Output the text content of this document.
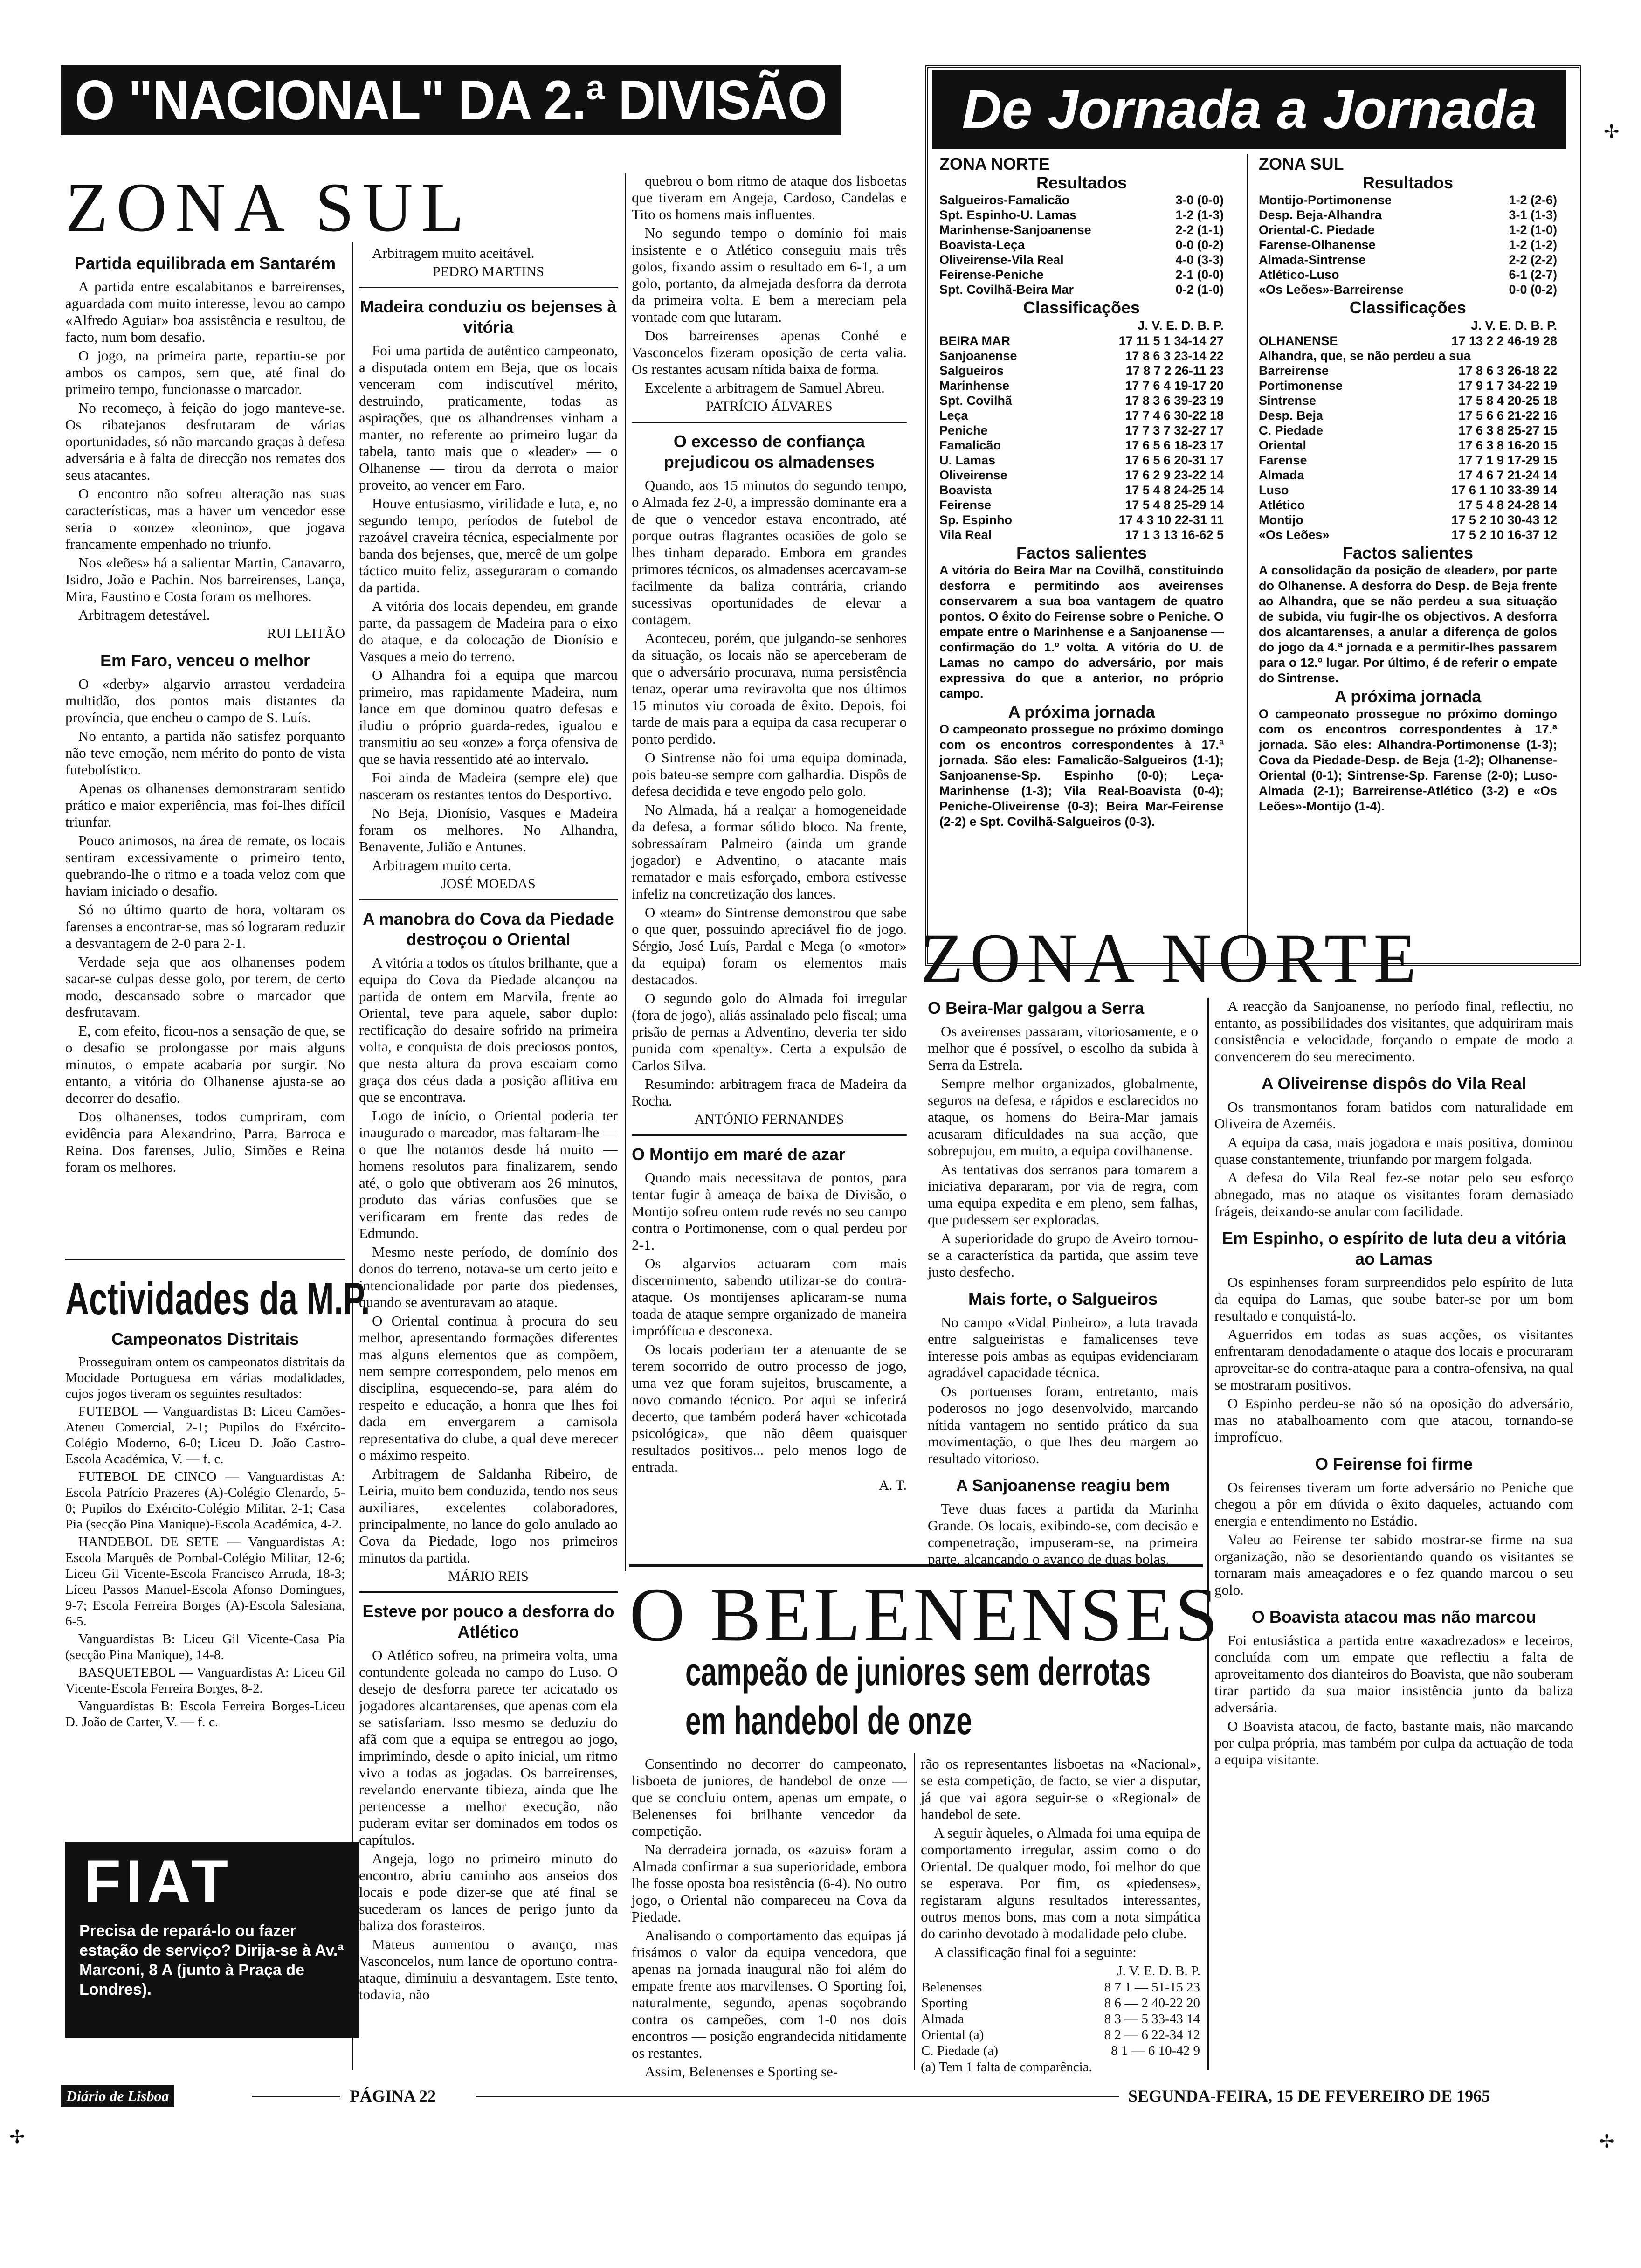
O "NACIONAL" DA 2.ª DIVISÃO
ZONA SUL
Partida equilibrada em Santarém

A partida entre escalabitanos e barreirenses, aguardada com muito interesse, levou ao campo «Alfredo Aguiar» boa assistência e resultou, de facto, num bom desafio.

O jogo, na primeira parte, repartiu-se por ambos os campos, sem que, até final do primeiro tempo, funcionasse o marcador.

No recomeço, à feição do jogo manteve-se. Os ribatejanos desfrutaram de várias oportunidades, só não marcando graças à defesa adversária e à falta de direcção nos remates dos seus atacantes.

O encontro não sofreu alteração nas suas características, mas a haver um vencedor esse seria o «onze» «leonino», que jogava francamente empenhado no triunfo.

Nos «leões» há a salientar Martin, Canavarro, Isidro, João e Pachin. Nos barreirenses, Lança, Mira, Faustino e Costa foram os melhores.

Arbitragem detestável.

RUI LEITÃO
Em Faro, venceu o melhor

O «derby» algarvio arrastou verdadeira multidão, dos pontos mais distantes da província, que encheu o campo de S. Luís.

No entanto, a partida não satisfez porquanto não teve emoção, nem mérito do ponto de vista futebolístico.

Apenas os olhanenses demonstraram sentido prático e maior experiência, mas foi-lhes difícil triunfar.

Pouco animosos, na área de remate, os locais sentiram excessivamente o primeiro tento, quebrando-lhe o ritmo e a toada veloz com que haviam iniciado o desafio.

Só no último quarto de hora, voltaram os farenses a encontrar-se, mas só lograram reduzir a desvantagem de 2-0 para 2-1.

Verdade seja que aos olhanenses podem sacar-se culpas desse golo, por terem, de certo modo, descansado sobre o marcador que desfrutavam.

E, com efeito, ficou-nos a sensação de que, se o desafio se prolongasse por mais alguns minutos, o empate acabaria por surgir. No entanto, a vitória do Olhanense ajusta-se ao decorrer do desafio.

Dos olhanenses, todos cumpriram, com evidência para Alexandrino, Parra, Barroca e Reina. Dos farenses, Julio, Simões e Reina foram os melhores.

Actividades da M.P.
Campeonatos Distritais

Prosseguiram ontem os campeonatos distritais da Mocidade Portuguesa em várias modalidades, cujos jogos tiveram os seguintes resultados:

FUTEBOL — Vanguardistas B: Liceu Camões-Ateneu Comercial, 2-1; Pupilos do Exército-Colégio Moderno, 6-0; Liceu D. João Castro-Escola Académica, V. — f. c.

FUTEBOL DE CINCO — Vanguardistas A: Escola Patrício Prazeres (A)-Colégio Clenardo, 5-0; Pupilos do Exército-Colégio Militar, 2-1; Casa Pia (secção Pina Manique)-Escola Académica, 4-2.

HANDEBOL DE SETE — Vanguardistas A: Escola Marquês de Pombal-Colégio Militar, 12-6; Liceu Gil Vicente-Escola Francisco Arruda, 18-3; Liceu Passos Manuel-Escola Afonso Domingues, 9-7; Escola Ferreira Borges (A)-Escola Salesiana, 6-5.

Vanguardistas B: Liceu Gil Vicente-Casa Pia (secção Pina Manique), 14-8.

BASQUETEBOL — Vanguardistas A: Liceu Gil Vicente-Escola Ferreira Borges, 8-2.

Vanguardistas B: Escola Ferreira Borges-Liceu D. João de Carter, V. — f. c.

FIAT
Precisa de repará-lo ou fazer estação de serviço? Dirija-se à Av.ª Marconi, 8 A (junto à Praça de Londres).

Arbitragem muito aceitável.

PEDRO MARTINS
Madeira conduziu os bejenses à vitória

Foi uma partida de autêntico campeonato, a disputada ontem em Beja, que os locais venceram com indiscutível mérito, destruindo, praticamente, todas as aspirações, que os alhandrenses vinham a manter, no referente ao primeiro lugar da tabela, tanto mais que o «leader» — o Olhanense — tirou da derrota o maior proveito, ao vencer em Faro.

Houve entusiasmo, virilidade e luta, e, no segundo tempo, períodos de futebol de razoável craveira técnica, especialmente por banda dos bejenses, que, mercê de um golpe táctico muito feliz, asseguraram o comando da partida.

A vitória dos locais dependeu, em grande parte, da passagem de Madeira para o eixo do ataque, e da colocação de Dionísio e Vasques a meio do terreno.

O Alhandra foi a equipa que marcou primeiro, mas rapidamente Madeira, num lance em que dominou quatro defesas e iludiu o próprio guarda-redes, igualou e transmitiu ao seu «onze» a força ofensiva de que se havia ressentido até ao intervalo.

Foi ainda de Madeira (sempre ele) que nasceram os restantes tentos do Desportivo.

No Beja, Dionísio, Vasques e Madeira foram os melhores. No Alhandra, Benavente, Julião e Antunes.

Arbitragem muito certa.

JOSÉ MOEDAS
A manobra do Cova da Piedade destroçou o Oriental

A vitória a todos os títulos brilhante, que a equipa do Cova da Piedade alcançou na partida de ontem em Marvila, frente ao Oriental, teve para aquele, sabor duplo: rectificação do desaire sofrido na primeira volta, e conquista de dois preciosos pontos, que nesta altura da prova escaiam como graça dos céus dada a posição aflitiva em que se encontrava.

Logo de início, o Oriental poderia ter inaugurado o marcador, mas faltaram-lhe — o que lhe notamos desde há muito — homens resolutos para finalizarem, sendo até, o golo que obtiveram aos 26 minutos, produto das várias confusões que se verificaram em frente das redes de Edmundo.

Mesmo neste período, de domínio dos donos do terreno, notava-se um certo jeito e intencionalidade por parte dos piedenses, quando se aventuravam ao ataque.

O Oriental continua à procura do seu melhor, apresentando formações diferentes mas alguns elementos que as compõem, nem sempre correspondem, pelo menos em disciplina, esquecendo-se, para além do respeito e educação, a honra que lhes foi dada em envergarem a camisola representativa do clube, a qual deve merecer o máximo respeito.

Arbitragem de Saldanha Ribeiro, de Leiria, muito bem conduzida, tendo nos seus auxiliares, excelentes colaboradores, principalmente, no lance do golo anulado ao Cova da Piedade, logo nos primeiros minutos da partida.

MÁRIO REIS
Esteve por pouco a desforra do Atlético

O Atlético sofreu, na primeira volta, uma contundente goleada no campo do Luso. O desejo de desforra parece ter acicatado os jogadores alcantarenses, que apenas com ela se satisfariam. Isso mesmo se deduziu do afã com que a equipa se entregou ao jogo, imprimindo, desde o apito inicial, um ritmo vivo a todas as jogadas. Os barreirenses, revelando enervante tibieza, ainda que lhe pertencesse a melhor execução, não puderam evitar ser dominados em todos os capítulos.

Angeja, logo no primeiro minuto do encontro, abriu caminho aos anseios dos locais e pode dizer-se que até final se sucederam os lances de perigo junto da baliza dos forasteiros.

Mateus aumentou o avanço, mas Vasconcelos, num lance de oportuno contra-ataque, diminuiu a desvantagem. Este tento, todavia, não

quebrou o bom ritmo de ataque dos lisboetas que tiveram em Angeja, Cardoso, Candelas e Tito os homens mais influentes.

No segundo tempo o domínio foi mais insistente e o Atlético conseguiu mais três golos, fixando assim o resultado em 6-1, a um golo, portanto, da almejada desforra da derrota da primeira volta. E bem a mereciam pela vontade com que lutaram.

Dos barreirenses apenas Conhé e Vasconcelos fizeram oposição de certa valia. Os restantes acusam nítida baixa de forma.

Excelente a arbitragem de Samuel Abreu.

PATRÍCIO ÁLVARES
O excesso de confiança prejudicou os almadenses

Quando, aos 15 minutos do segundo tempo, o Almada fez 2-0, a impressão dominante era a de que o vencedor estava encontrado, até porque outras flagrantes ocasiões de golo se lhes tinham deparado. Embora em grandes primores técnicos, os almadenses acercavam-se facilmente da baliza contrária, criando sucessivas oportunidades de elevar a contagem.

Aconteceu, porém, que julgando-se senhores da situação, os locais não se aperceberam de que o adversário procurava, numa persistência tenaz, operar uma reviravolta que nos últimos 15 minutos viu coroada de êxito. Depois, foi tarde de mais para a equipa da casa recuperar o ponto perdido.

O Sintrense não foi uma equipa dominada, pois bateu-se sempre com galhardia. Dispôs de defesa decidida e teve engodo pelo golo.

No Almada, há a realçar a homogeneidade da defesa, a formar sólido bloco. Na frente, sobressaíram Palmeiro (ainda um grande jogador) e Adventino, o atacante mais rematador e mais esforçado, embora estivesse infeliz na concretização dos lances.

O «team» do Sintrense demonstrou que sabe o que quer, possuindo apreciável fio de jogo. Sérgio, José Luís, Pardal e Mega (o «motor» da equipa) foram os elementos mais destacados.

O segundo golo do Almada foi irregular (fora de jogo), aliás assinalado pelo fiscal; uma prisão de pernas a Adventino, deveria ter sido punida com «penalty». Certa a expulsão de Carlos Silva.

Resumindo: arbitragem fraca de Madeira da Rocha.

ANTÓNIO FERNANDES
O Montijo em maré de azar

Quando mais necessitava de pontos, para tentar fugir à ameaça de baixa de Divisão, o Montijo sofreu ontem rude revés no seu campo contra o Portimonense, com o qual perdeu por 2-1.

Os algarvios actuaram com mais discernimento, sabendo utilizar-se do contra-ataque. Os montijenses aplicaram-se numa toada de ataque sempre organizado de maneira imprófícua e desconexa.

Os locais poderiam ter a atenuante de se terem socorrido de outro processo de jogo, uma vez que foram sujeitos, bruscamente, a novo comando técnico. Por aqui se inferirá decerto, que também poderá haver «chicotada psicológica», que não dêem quaisquer resultados positivos... pelo menos logo de entrada.

A. T.
De Jornada a Jornada
ZONA NORTE
Resultados
Salgueiros-Famalicão	3-0 (0-0)
Spt. Espinho-U. Lamas	1-2 (1-3)
Marinhense-Sanjoanense	2-2 (1-1)
Boavista-Leça	0-0 (0-2)
Oliveirense-Vila Real	4-0 (3-3)
Feirense-Peniche	2-1 (0-0)
Spt. Covilhã-Beira Mar	0-2 (1-0)
Classificações
J. V. E. D. B. P.
BEIRA MAR	17 11 5 1 34-14 27
Sanjoanense	17 8 6 3 23-14 22
Salgueiros	17 8 7 2 26-11 23
Marinhense	17 7 6 4 19-17 20
Spt. Covilhã	17 8 3 6 39-23 19
Leça	17 7 4 6 30-22 18
Peniche	17 7 3 7 32-27 17
Famalicão	17 6 5 6 18-23 17
U. Lamas	17 6 5 6 20-31 17
Oliveirense	17 6 2 9 23-22 14
Boavista	17 5 4 8 24-25 14
Feirense	17 5 4 8 25-29 14
Sp. Espinho	17 4 3 10 22-31 11
Vila Real	17 1 3 13 16-62 5
Factos salientes
A vitória do Beira Mar na Covilhã, constituindo desforra e permitindo aos aveirenses conservarem a sua boa vantagem de quatro pontos. O êxito do Feirense sobre o Peniche. O empate entre o Marinhense e a Sanjoanense — confirmação do 1.º volta. A vitória do U. de Lamas no campo do adversário, por mais expressiva do que a anterior, no próprio campo.
A próxima jornada
O campeonato prossegue no próximo domingo com os encontros correspondentes à 17.ª jornada. São eles: Famalicão-Salgueiros (1-1); Sanjoanense-Sp. Espinho (0-0); Leça-Marinhense (1-3); Vila Real-Boavista (0-4); Peniche-Oliveirense (0-3); Beira Mar-Feirense (2-2) e Spt. Covilhã-Salgueiros (0-3).
ZONA SUL
Resultados
Montijo-Portimonense	1-2 (2-6)
Desp. Beja-Alhandra	3-1 (1-3)
Oriental-C. Piedade	1-2 (1-0)
Farense-Olhanense	1-2 (1-2)
Almada-Sintrense	2-2 (2-2)
Atlético-Luso	6-1 (2-7)
«Os Leões»-Barreirense	0-0 (0-2)
Classificações
J. V. E. D. B. P.
OLHANENSE	17 13 2 2 46-19 28
Alhandra, que, se não perdeu a sua	
Barreirense	17 8 6 3 26-18 22
Portimonense	17 9 1 7 34-22 19
Sintrense	17 5 8 4 20-25 18
Desp. Beja	17 5 6 6 21-22 16
C. Piedade	17 6 3 8 25-27 15
Oriental	17 6 3 8 16-20 15
Farense	17 7 1 9 17-29 15
Almada	17 4 6 7 21-24 14
Luso	17 6 1 10 33-39 14
Atlético	17 5 4 8 24-28 14
Montijo	17 5 2 10 30-43 12
«Os Leões»	17 5 2 10 16-37 12
Factos salientes
A consolidação da posição de «leader», por parte do Olhanense. A desforra do Desp. de Beja frente ao Alhandra, que se não perdeu a sua situação de subida, viu fugir-lhe os objectivos. A desforra dos alcantarenses, a anular a diferença de golos do jogo da 4.ª jornada e a permitir-lhes passarem para o 12.º lugar. Por último, é de referir o empate do Sintrense.
A próxima jornada
O campeonato prossegue no próximo domingo com os encontros correspondentes à 17.ª jornada. São eles: Alhandra-Portimonense (1-3); Cova da Piedade-Desp. de Beja (1-2); Olhanense-Oriental (0-1); Sintrense-Sp. Farense (2-0); Luso-Almada (2-1); Barreirense-Atlético (3-2) e «Os Leões»-Montijo (1-4).
ZONA NORTE
O Beira-Mar galgou a Serra

Os aveirenses passaram, vitoriosamente, e o melhor que é possível, o escolho da subida à Serra da Estrela.

Sempre melhor organizados, globalmente, seguros na defesa, e rápidos e esclarecidos no ataque, os homens do Beira-Mar jamais acusaram dificuldades na sua acção, que sobrepujou, em muito, a equipa covilhanense.

As tentativas dos serranos para tomarem a iniciativa depararam, por via de regra, com uma equipa expedita e em pleno, sem falhas, que pudessem ser exploradas.

A superioridade do grupo de Aveiro tornou-se a característica da partida, que assim teve justo desfecho.

Mais forte, o Salgueiros

No campo «Vidal Pinheiro», a luta travada entre salgueiristas e famalicenses teve interesse pois ambas as equipas evidenciaram agradável capacidade técnica.

Os portuenses foram, entretanto, mais poderosos no jogo desenvolvido, marcando nítida vantagem no sentido prático da sua movimentação, o que lhes deu margem ao resultado vitorioso.

A Sanjoanense reagiu bem

Teve duas faces a partida da Marinha Grande. Os locais, exibindo-se, com decisão e compenetração, impuseram-se, na primeira parte, alcançando o avanço de duas bolas.

A reacção da Sanjoanense, no período final, reflectiu, no entanto, as possibilidades dos visitantes, que adquiriram mais consistência e velocidade, forçando o empate de modo a convencerem do seu merecimento.

A Oliveirense dispôs do Vila Real

Os transmontanos foram batidos com naturalidade em Oliveira de Azeméis.

A equipa da casa, mais jogadora e mais positiva, dominou quase constantemente, triunfando por margem folgada.

A defesa do Vila Real fez-se notar pelo seu esforço abnegado, mas no ataque os visitantes foram demasiado frágeis, deixando-se anular com facilidade.

Em Espinho, o espírito de luta deu a vitória ao Lamas

Os espinhenses foram surpreendidos pelo espírito de luta da equipa do Lamas, que soube bater-se por um bom resultado e conquistá-lo.

Aguerridos em todas as suas acções, os visitantes enfrentaram denodadamente o ataque dos locais e procuraram aproveitar-se do contra-ataque para a contra-ofensiva, na qual se mostraram positivos.

O Espinho perdeu-se não só na oposição do adversário, mas no atabalhoamento com que atacou, tornando-se improfícuo.

O Feirense foi firme

Os feirenses tiveram um forte adversário no Peniche que chegou a pôr em dúvida o êxito daqueles, actuando com energia e entendimento no Estádio.

Valeu ao Feirense ter sabido mostrar-se firme na sua organização, não se desorientando quando os visitantes se tornaram mais ameaçadores e o fez quando marcou o seu golo.

O Boavista atacou mas não marcou

Foi entusiástica a partida entre «axadrezados» e leceiros, concluída com um empate que reflectiu a falta de aproveitamento dos dianteiros do Boavista, que não souberam tirar partido da sua maior insistência junto da baliza adversária.

O Boavista atacou, de facto, bastante mais, não marcando por culpa própria, mas também por culpa da actuação de toda a equipa visitante.

O BELENENSES
campeão de juniores sem derrotas
em handebol de onze

Consentindo no decorrer do campeonato, lisboeta de juniores, de handebol de onze — que se concluiu ontem, apenas um empate, o Belenenses foi brilhante vencedor da competição.

Na derradeira jornada, os «azuis» foram a Almada confirmar a sua superioridade, embora lhe fosse oposta boa resistência (6-4). No outro jogo, o Oriental não compareceu na Cova da Piedade.

Analisando o comportamento das equipas já frisámos o valor da equipa vencedora, que apenas na jornada inaugural não foi além do empate frente aos marvilenses. O Sporting foi, naturalmente, segundo, apenas soçobrando contra os campeões, com 1-0 nos dois encontros — posição engrandecida nitidamente os restantes.

Assim, Belenenses e Sporting se-

rão os representantes lisboetas na «Nacional», se esta competição, de facto, se vier a disputar, já que vai agora seguir-se o «Regional» de handebol de sete.

A seguir àqueles, o Almada foi uma equipa de comportamento irregular, assim como o do Oriental. De qualquer modo, foi melhor do que se esperava. Por fim, os «piedenses», registaram alguns resultados interessantes, outros menos bons, mas com a nota simpática do carinho devotado à modalidade pelo clube.

A classificação final foi a seguinte:

J. V. E. D. B. P.
Belenenses	8 7 1 — 51-15 23
Sporting	8 6 — 2 40-22 20
Almada	8 3 — 5 33-43 14
Oriental (a)	8 2 — 6 22-34 12
C. Piedade (a)	8 1 — 6 10-42 9

(a) Tem 1 falta de comparência.

Diário de Lisboa	PÁGINA 22	SEGUNDA-FEIRA, 15 DE FEVEREIRO DE 1965
✢
✢
✢
